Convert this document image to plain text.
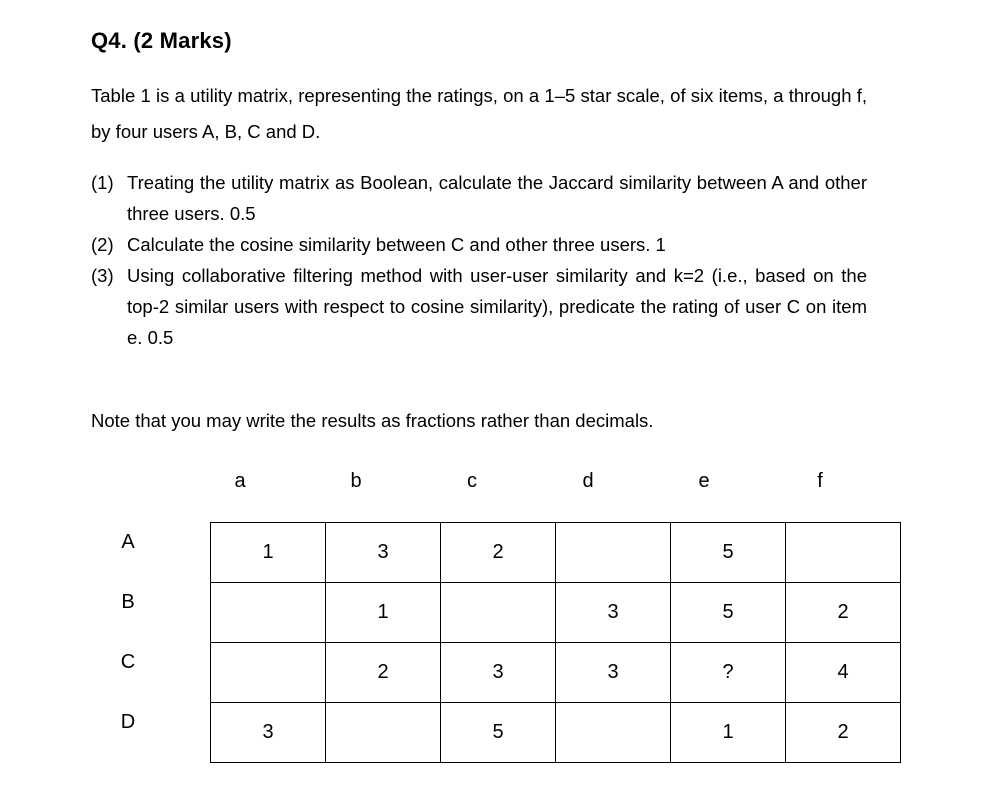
Q4. (2 Marks)
Table 1 is a utility matrix, representing the ratings, on a 1–5 star scale, of six items, a through f, by four users A, B, C and D.
(1) Treating the utility matrix as Boolean, calculate the Jaccard similarity between A and other three users. 0.5
(2) Calculate the cosine similarity between C and other three users. 1
(3) Using collaborative filtering method with user-user similarity and k=2 (i.e., based on the top-2 similar users with respect to cosine similarity), predicate the rating of user C on item e. 0.5
Note that you may write the results as fractions rather than decimals.
a	b	c	d	e	f
A
B
C
D
1	3	2		5	
	1		3	5	2
	2	3	3	?	4
3		5		1	2
